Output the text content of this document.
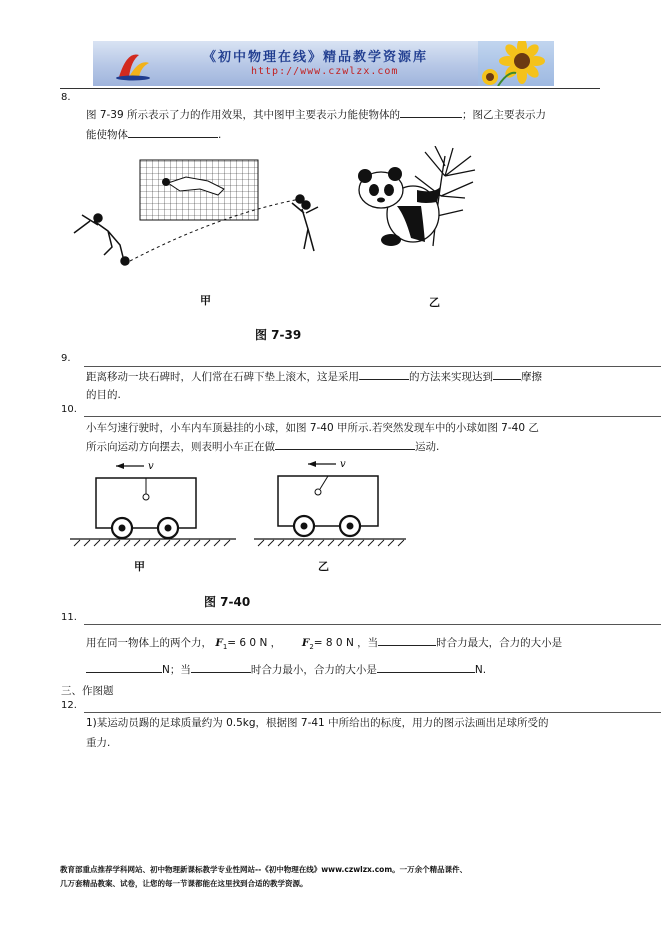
《初中物理在线》精品教学资源库
http://www.czwlzx.com
8.
图 7-39 所示表示了力的作用效果，其中图甲主要表示力能使物体的	；图乙主要表示力
能使物体	.
甲	乙
图 7-39
9.
距离移动一块石碑时，人们常在石碑下垫上滚木，这是采用	的方法来实现达到	摩擦
的目的.
10.
小车匀速行驶时，小车内车顶悬挂的小球，如图 7-40 甲所示.若突然发现车中的小球如图 7-40 乙
所示向运动方向摆去，则表明小车正在做	运动.
v	v
甲	乙
图 7-40
11.
用在同一物体上的两个力， $F_1= 6$ 0 N ， $F_2= 8$ 0 N ，当	时合力最大，合力的大小是
N；当	时合力最小，合力的大小是	N.
三、作图题
12.
1)某运动员踢的足球质量约为 0.5kg，根据图 7-41 中所给出的标度，用力的图示法画出足球所受的
重力.
教育部重点推荐学科网站、初中物理新课标教学专业性网站--《初中物理在线》www.czwlzx.com。一万余个精品课件、
几万套精品教案、试卷，让您的每一节课都能在这里找到合适的教学资源。
